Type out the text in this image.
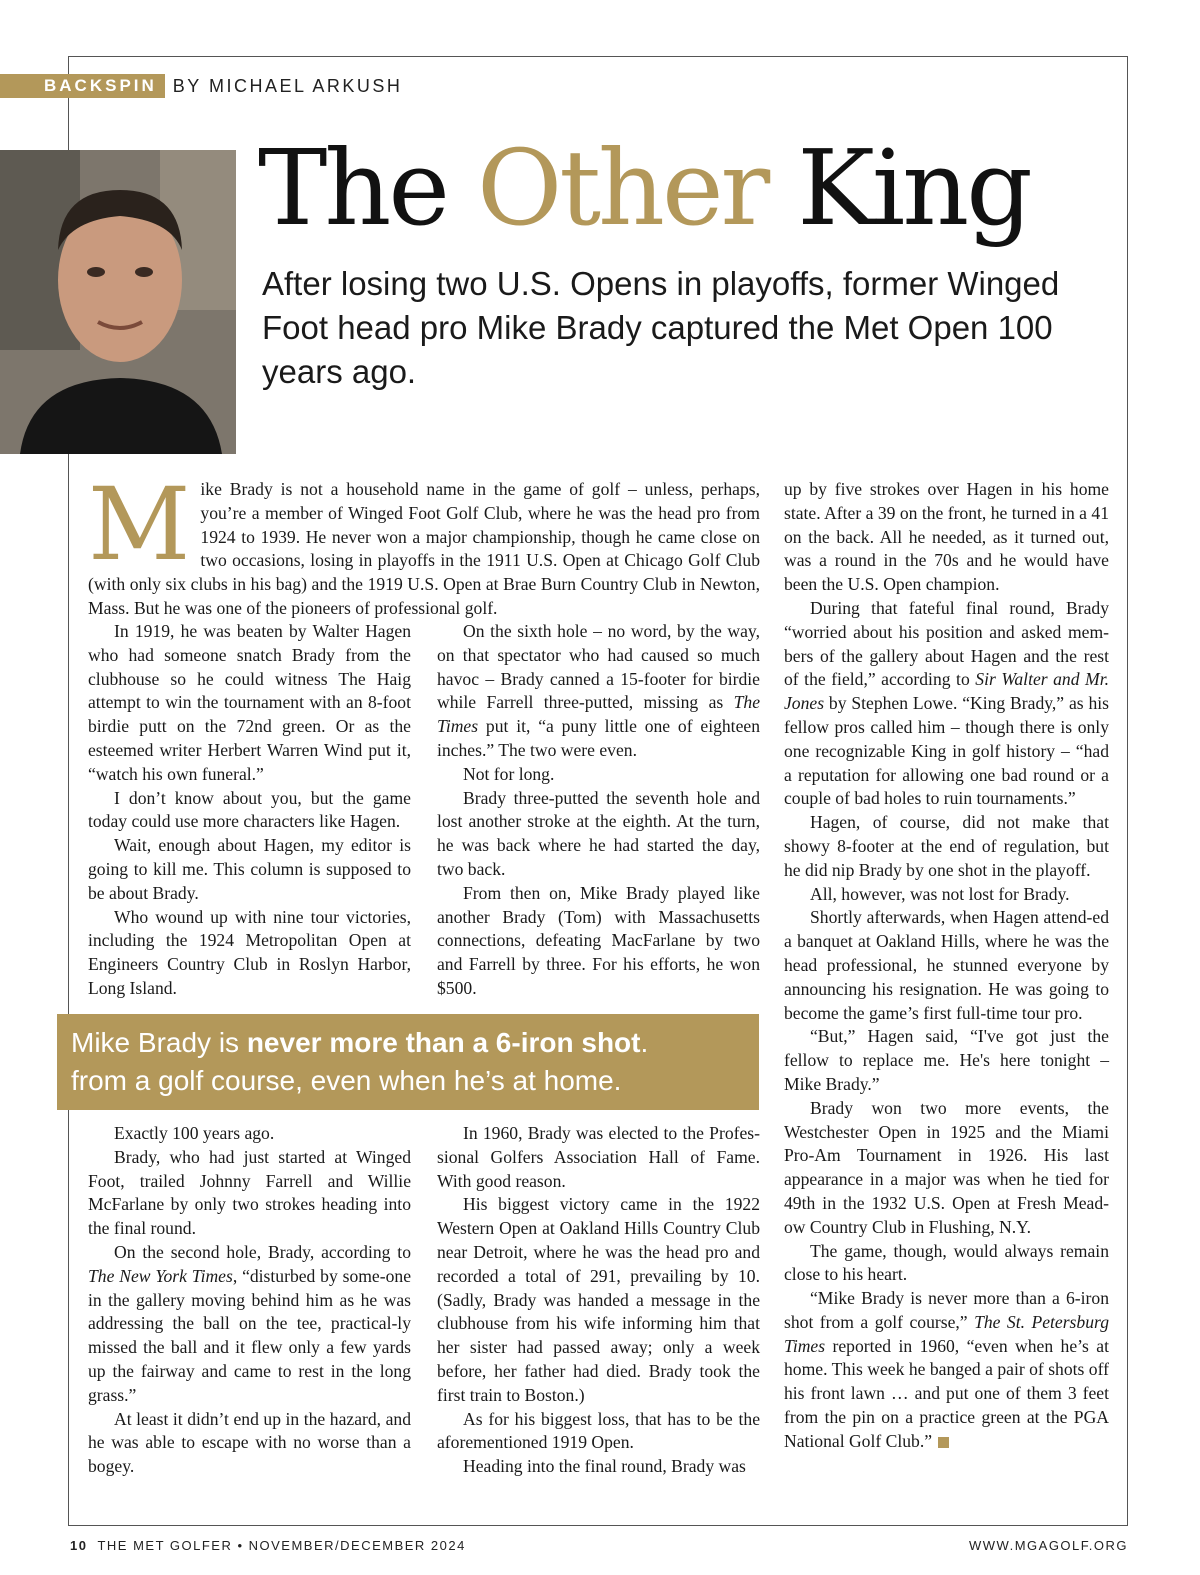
BACKSPIN BY MICHAEL ARKUSH
The Other King
After losing two U.S. Opens in playoffs, former Winged Foot head pro Mike Brady captured the Met Open 100 years ago.
M ike Brady is not a household name in the game of golf – unless, perhaps, you’re a member of Winged Foot Golf Club, where he was the head pro from 1924 to 1939. He never won a major championship, though he came close on two occasions, losing in playoffs in the 1911 U.S. Open at Chicago Golf Club (with only six clubs in his bag) and the 1919 U.S. Open at Brae Burn Country Club in Newton, Mass. But he was one of the pioneers of professional golf.

In 1919, he was beaten by Walter Hagen who had someone snatch Brady from the clubhouse so he could witness The Haig attempt to win the tournament with an 8-foot birdie putt on the 72nd green. Or as the esteemed writer Herbert Warren Wind put it, “watch his own funeral.”

I don’t know about you, but the game today could use more characters like Hagen.

Wait, enough about Hagen, my editor is going to kill me. This column is supposed to be about Brady.

Who wound up with nine tour victories, including the 1924 Metropolitan Open at Engineers Country Club in Roslyn Harbor, Long Island.

On the sixth hole – no word, by the way, on that spectator who had caused so much havoc – Brady canned a 15-footer for birdie while Farrell three-putted, missing as The Times put it, “a puny little one of eighteen inches.” The two were even.

Not for long.

Brady three-putted the seventh hole and lost another stroke at the eighth. At the turn, he was back where he had started the day, two back.

From then on, Mike Brady played like another Brady (Tom) with Massachusetts connections, defeating MacFarlane by two and Farrell by three. For his efforts, he won $500.

up by five strokes over Hagen in his home state. After a 39 on the front, he turned in a 41 on the back. All he needed, as it turned out, was a round in the 70s and he would have been the U.S. Open champion.

During that fateful final round, Brady “worried about his position and asked mem-bers of the gallery about Hagen and the rest of the field,” according to Sir Walter and Mr. Jones by Stephen Lowe. “King Brady,” as his fellow pros called him – though there is only one recognizable King in golf history – “had a reputation for allowing one bad round or a couple of bad holes to ruin tournaments.”

Hagen, of course, did not make that showy 8-footer at the end of regulation, but he did nip Brady by one shot in the playoff.

All, however, was not lost for Brady.

Shortly afterwards, when Hagen attend-ed a banquet at Oakland Hills, where he was the head professional, he stunned everyone by announcing his resignation. He was going to become the game’s first full-time tour pro.

“But,” Hagen said, “I've got just the fellow to replace me. He's here tonight – Mike Brady.”

Brady won two more events, the Westchester Open in 1925 and the Miami Pro-Am Tournament in 1926. His last appearance in a major was when he tied for 49th in the 1932 U.S. Open at Fresh Mead-ow Country Club in Flushing, N.Y.

The game, though, would always remain close to his heart.

“Mike Brady is never more than a 6-iron shot from a golf course,” The St. Petersburg Times reported in 1960, “even when he’s at home. This week he banged a pair of shots off his front lawn … and put one of them 3 feet from the pin on a practice green at the PGA National Golf Club.”

Mike Brady is never more than a 6-iron shot.
from a golf course, even when he’s at home.

Exactly 100 years ago.

Brady, who had just started at Winged Foot, trailed Johnny Farrell and Willie McFarlane by only two strokes heading into the final round.

On the second hole, Brady, according to The New York Times, “disturbed by some-one in the gallery moving behind him as he was addressing the ball on the tee, practical-ly missed the ball and it flew only a few yards up the fairway and came to rest in the long grass.”

At least it didn’t end up in the hazard, and he was able to escape with no worse than a bogey.

In 1960, Brady was elected to the Profes-sional Golfers Association Hall of Fame. With good reason.

His biggest victory came in the 1922 Western Open at Oakland Hills Country Club near Detroit, where he was the head pro and recorded a total of 291, prevailing by 10. (Sadly, Brady was handed a message in the clubhouse from his wife informing him that her sister had passed away; only a week before, her father had died. Brady took the first train to Boston.)

As for his biggest loss, that has to be the aforementioned 1919 Open.

Heading into the final round, Brady was

10 THE MET GOLFER • NOVEMBER/DECEMBER 2024	WWW.MGAGOLF.ORG
